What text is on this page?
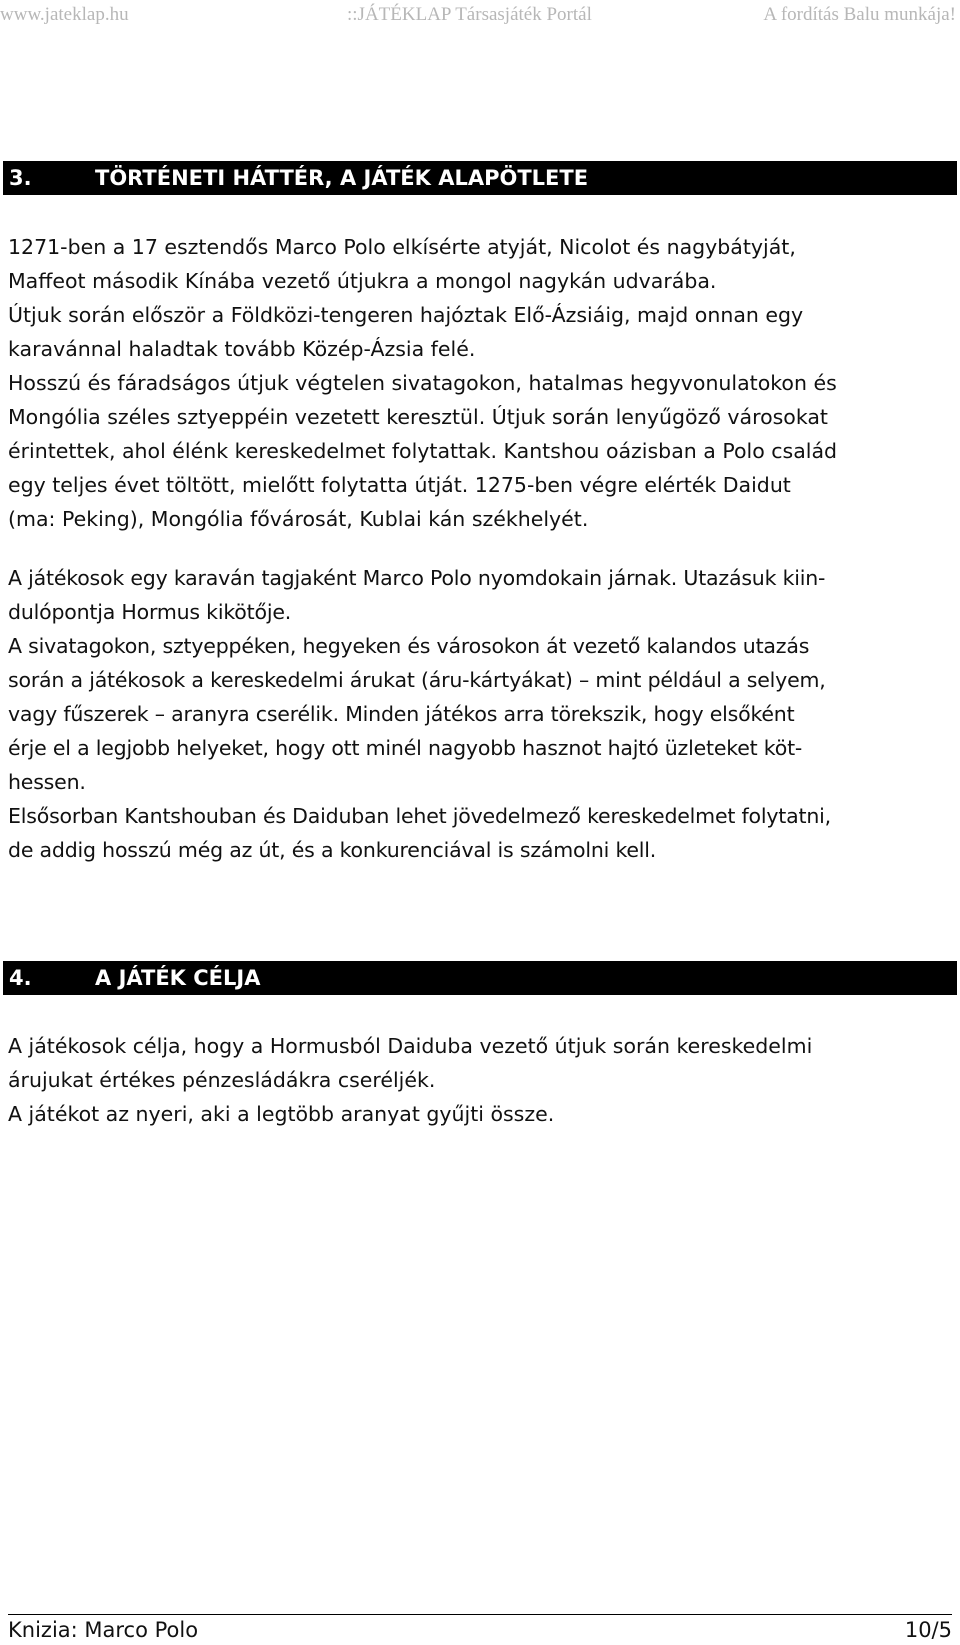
www.jateklap.hu	::JÁTÉKLAP Társasjáték Portál	A fordítás Balu munkája!
3.	TÖRTÉNETI HÁTTÉR, A JÁTÉK ALAPÖTLETE

1271-ben a 17 esztendős Marco Polo elkísérte atyját, Nicolot és nagybátyját,

Maffeot második Kínába vezető útjukra a mongol nagykán udvarába.

Útjuk során először a Földközi-tengeren hajóztak Elő-Ázsiáig, majd onnan egy

karavánnal haladtak tovább Közép-Ázsia felé.

Hosszú és fáradságos útjuk végtelen sivatagokon, hatalmas hegyvonulatokon és

Mongólia széles sztyeppéin vezetett keresztül. Útjuk során lenyűgöző városokat

érintettek, ahol élénk kereskedelmet folytattak. Kantshou oázisban a Polo család

egy teljes évet töltött, mielőtt folytatta útját. 1275-ben végre elérték Daidut

(ma: Peking), Mongólia fővárosát, Kublai kán székhelyét.

A játékosok egy karaván tagjaként Marco Polo nyomdokain járnak. Utazásuk kiin-

dulópontja Hormus kikötője.

A sivatagokon, sztyeppéken, hegyeken és városokon át vezető kalandos utazás

során a játékosok a kereskedelmi árukat (áru-kártyákat) – mint például a selyem,

vagy fűszerek – aranyra cserélik. Minden játékos arra törekszik, hogy elsőként

érje el a legjobb helyeket, hogy ott minél nagyobb hasznot hajtó üzleteket köt-

hessen.

Elsősorban Kantshouban és Daiduban lehet jövedelmező kereskedelmet folytatni,

de addig hosszú még az út, és a konkurenciával is számolni kell.

4.	A JÁTÉK CÉLJA

A játékosok célja, hogy a Hormusból Daiduba vezető útjuk során kereskedelmi

árujukat értékes pénzesládákra cseréljék.

A játékot az nyeri, aki a legtöbb aranyat gyűjti össze.

Knizia: Marco Polo	10/5
